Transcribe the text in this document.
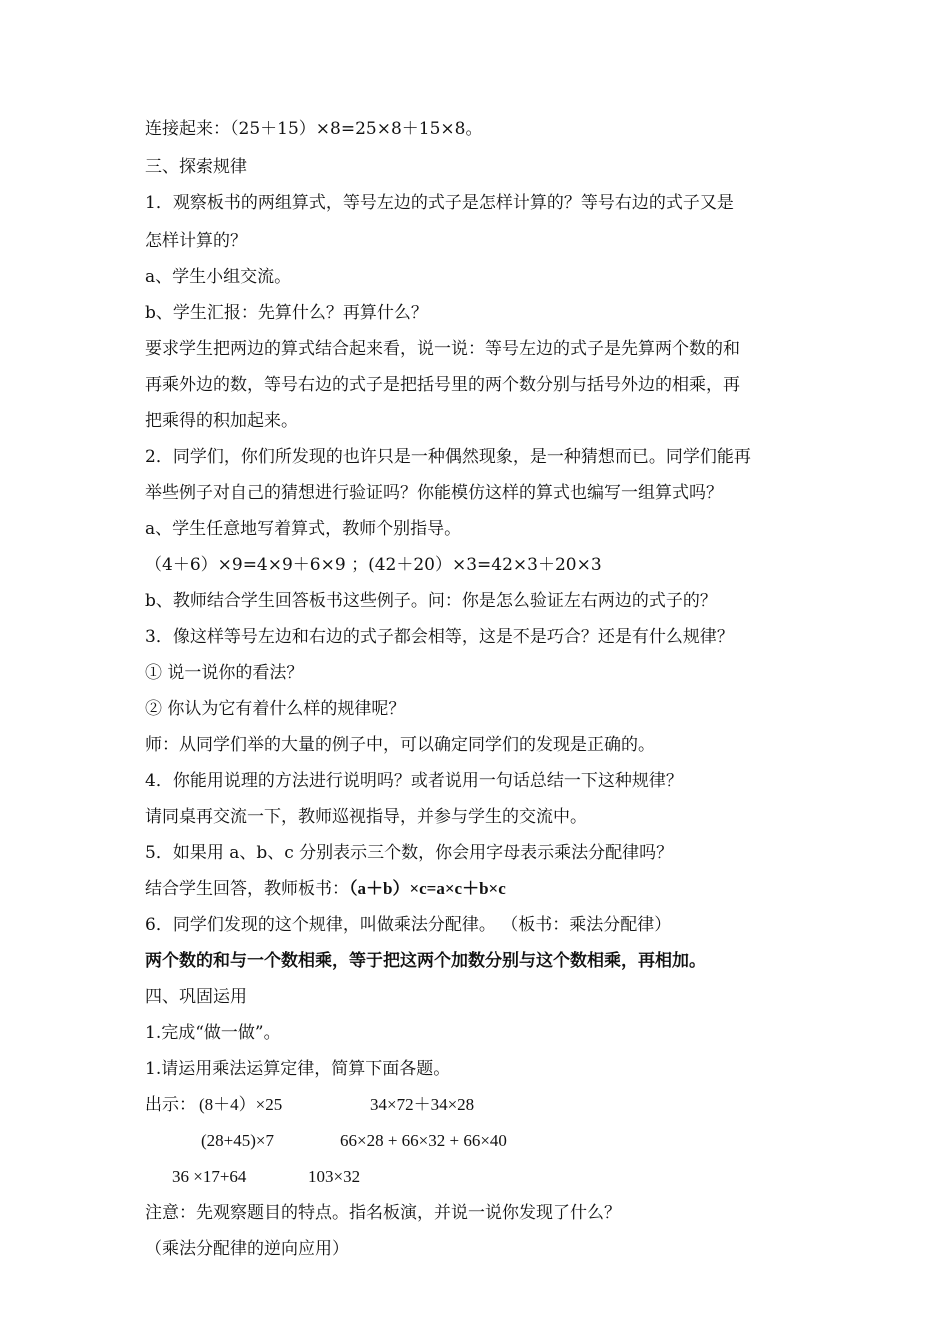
连接起来：（25＋15）×8=25×8＋15×8。
三、探索规律
1．观察板书的两组算式，等号左边的式子是怎样计算的？等号右边的式子又是
怎样计算的？
a、学生小组交流。
b、学生汇报：先算什么？再算什么？
要求学生把两边的算式结合起来看，说一说：等号左边的式子是先算两个数的和
再乘外边的数，等号右边的式子是把括号里的两个数分别与括号外边的相乘，再
把乘得的积加起来。
2．同学们，你们所发现的也许只是一种偶然现象，是一种猜想而已。同学们能再
举些例子对自己的猜想进行验证吗？你能模仿这样的算式也编写一组算式吗？
a、学生任意地写着算式，教师个别指导。
（4＋6）×9=4×9＋6×9 ；(42＋20）×3=42×3＋20×3
b、教师结合学生回答板书这些例子。问：你是怎么验证左右两边的式子的？
3．像这样等号左边和右边的式子都会相等，这是不是巧合？还是有什么规律？
① 说一说你的看法？
② 你认为它有着什么样的规律呢？
师：从同学们举的大量的例子中，可以确定同学们的发现是正确的。
4．你能用说理的方法进行说明吗？或者说用一句话总结一下这种规律？
请同桌再交流一下，教师巡视指导，并参与学生的交流中。
5．如果用 a、b、c 分别表示三个数，你会用字母表示乘法分配律吗？
结合学生回答，教师板书：（a＋b）×c=a×c＋b×c
6．同学们发现的这个规律，叫做乘法分配律。 （板书：乘法分配律）
两个数的和与一个数相乘，等于把这两个加数分别与这个数相乘，再相加。
四、巩固运用
1.完成“做一做”。
1.请运用乘法运算定律，简算下面各题。
出示： (8＋4）×25	34×72＋34×28
(28+45)×7	66×28 + 66×32 + 66×40
36 ×17+64	103×32
注意：先观察题目的特点。指名板演，并说一说你发现了什么？
（乘法分配律的逆向应用）
